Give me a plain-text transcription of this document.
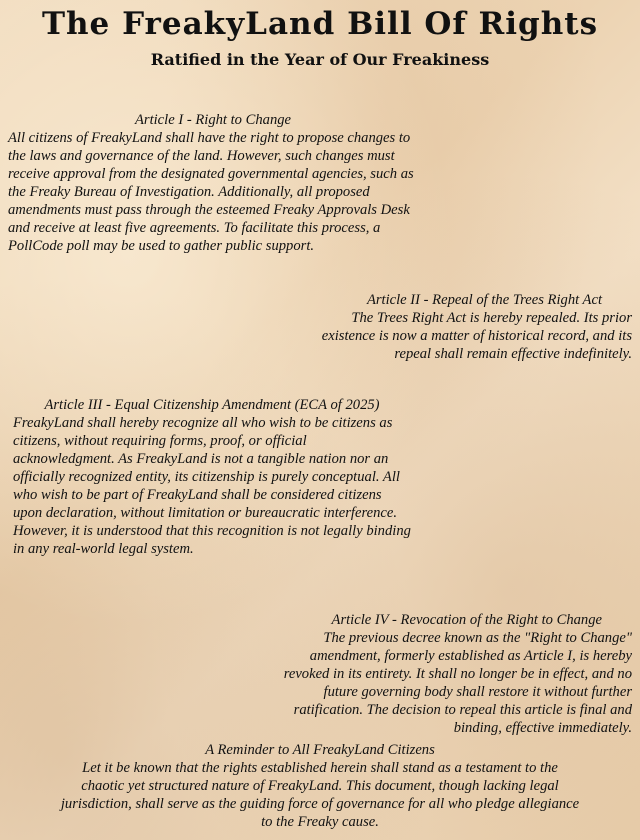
The FreakyLand Bill Of Rights
Ratified in the Year of Our Freakiness
Article I - Right to Change
All citizens of FreakyLand shall have the right to propose changes to the laws and governance of the land. However, such changes must receive approval from the designated governmental agencies, such as the Freaky Bureau of Investigation. Additionally, all proposed amendments must pass through the esteemed Freaky Approvals Desk and receive at least five agreements. To facilitate this process, a PollCode poll may be used to gather public support.
Article II - Repeal of the Trees Right Act
The Trees Right Act is hereby repealed. Its prior existence is now a matter of historical record, and its repeal shall remain effective indefinitely.
Article III - Equal Citizenship Amendment (ECA of 2025)
FreakyLand shall hereby recognize all who wish to be citizens as citizens, without requiring forms, proof, or official acknowledgment. As FreakyLand is not a tangible nation nor an officially recognized entity, its citizenship is purely conceptual. All who wish to be part of FreakyLand shall be considered citizens upon declaration, without limitation or bureaucratic interference. However, it is understood that this recognition is not legally binding in any real-world legal system.
Article IV - Revocation of the Right to Change
The previous decree known as the "Right to Change" amendment, formerly established as Article I, is hereby revoked in its entirety. It shall no longer be in effect, and no future governing body shall restore it without further ratification. The decision to repeal this article is final and binding, effective immediately.
A Reminder to All FreakyLand Citizens
Let it be known that the rights established herein shall stand as a testament to the chaotic yet structured nature of FreakyLand. This document, though lacking legal jurisdiction, shall serve as the guiding force of governance for all who pledge allegiance to the Freaky cause.
